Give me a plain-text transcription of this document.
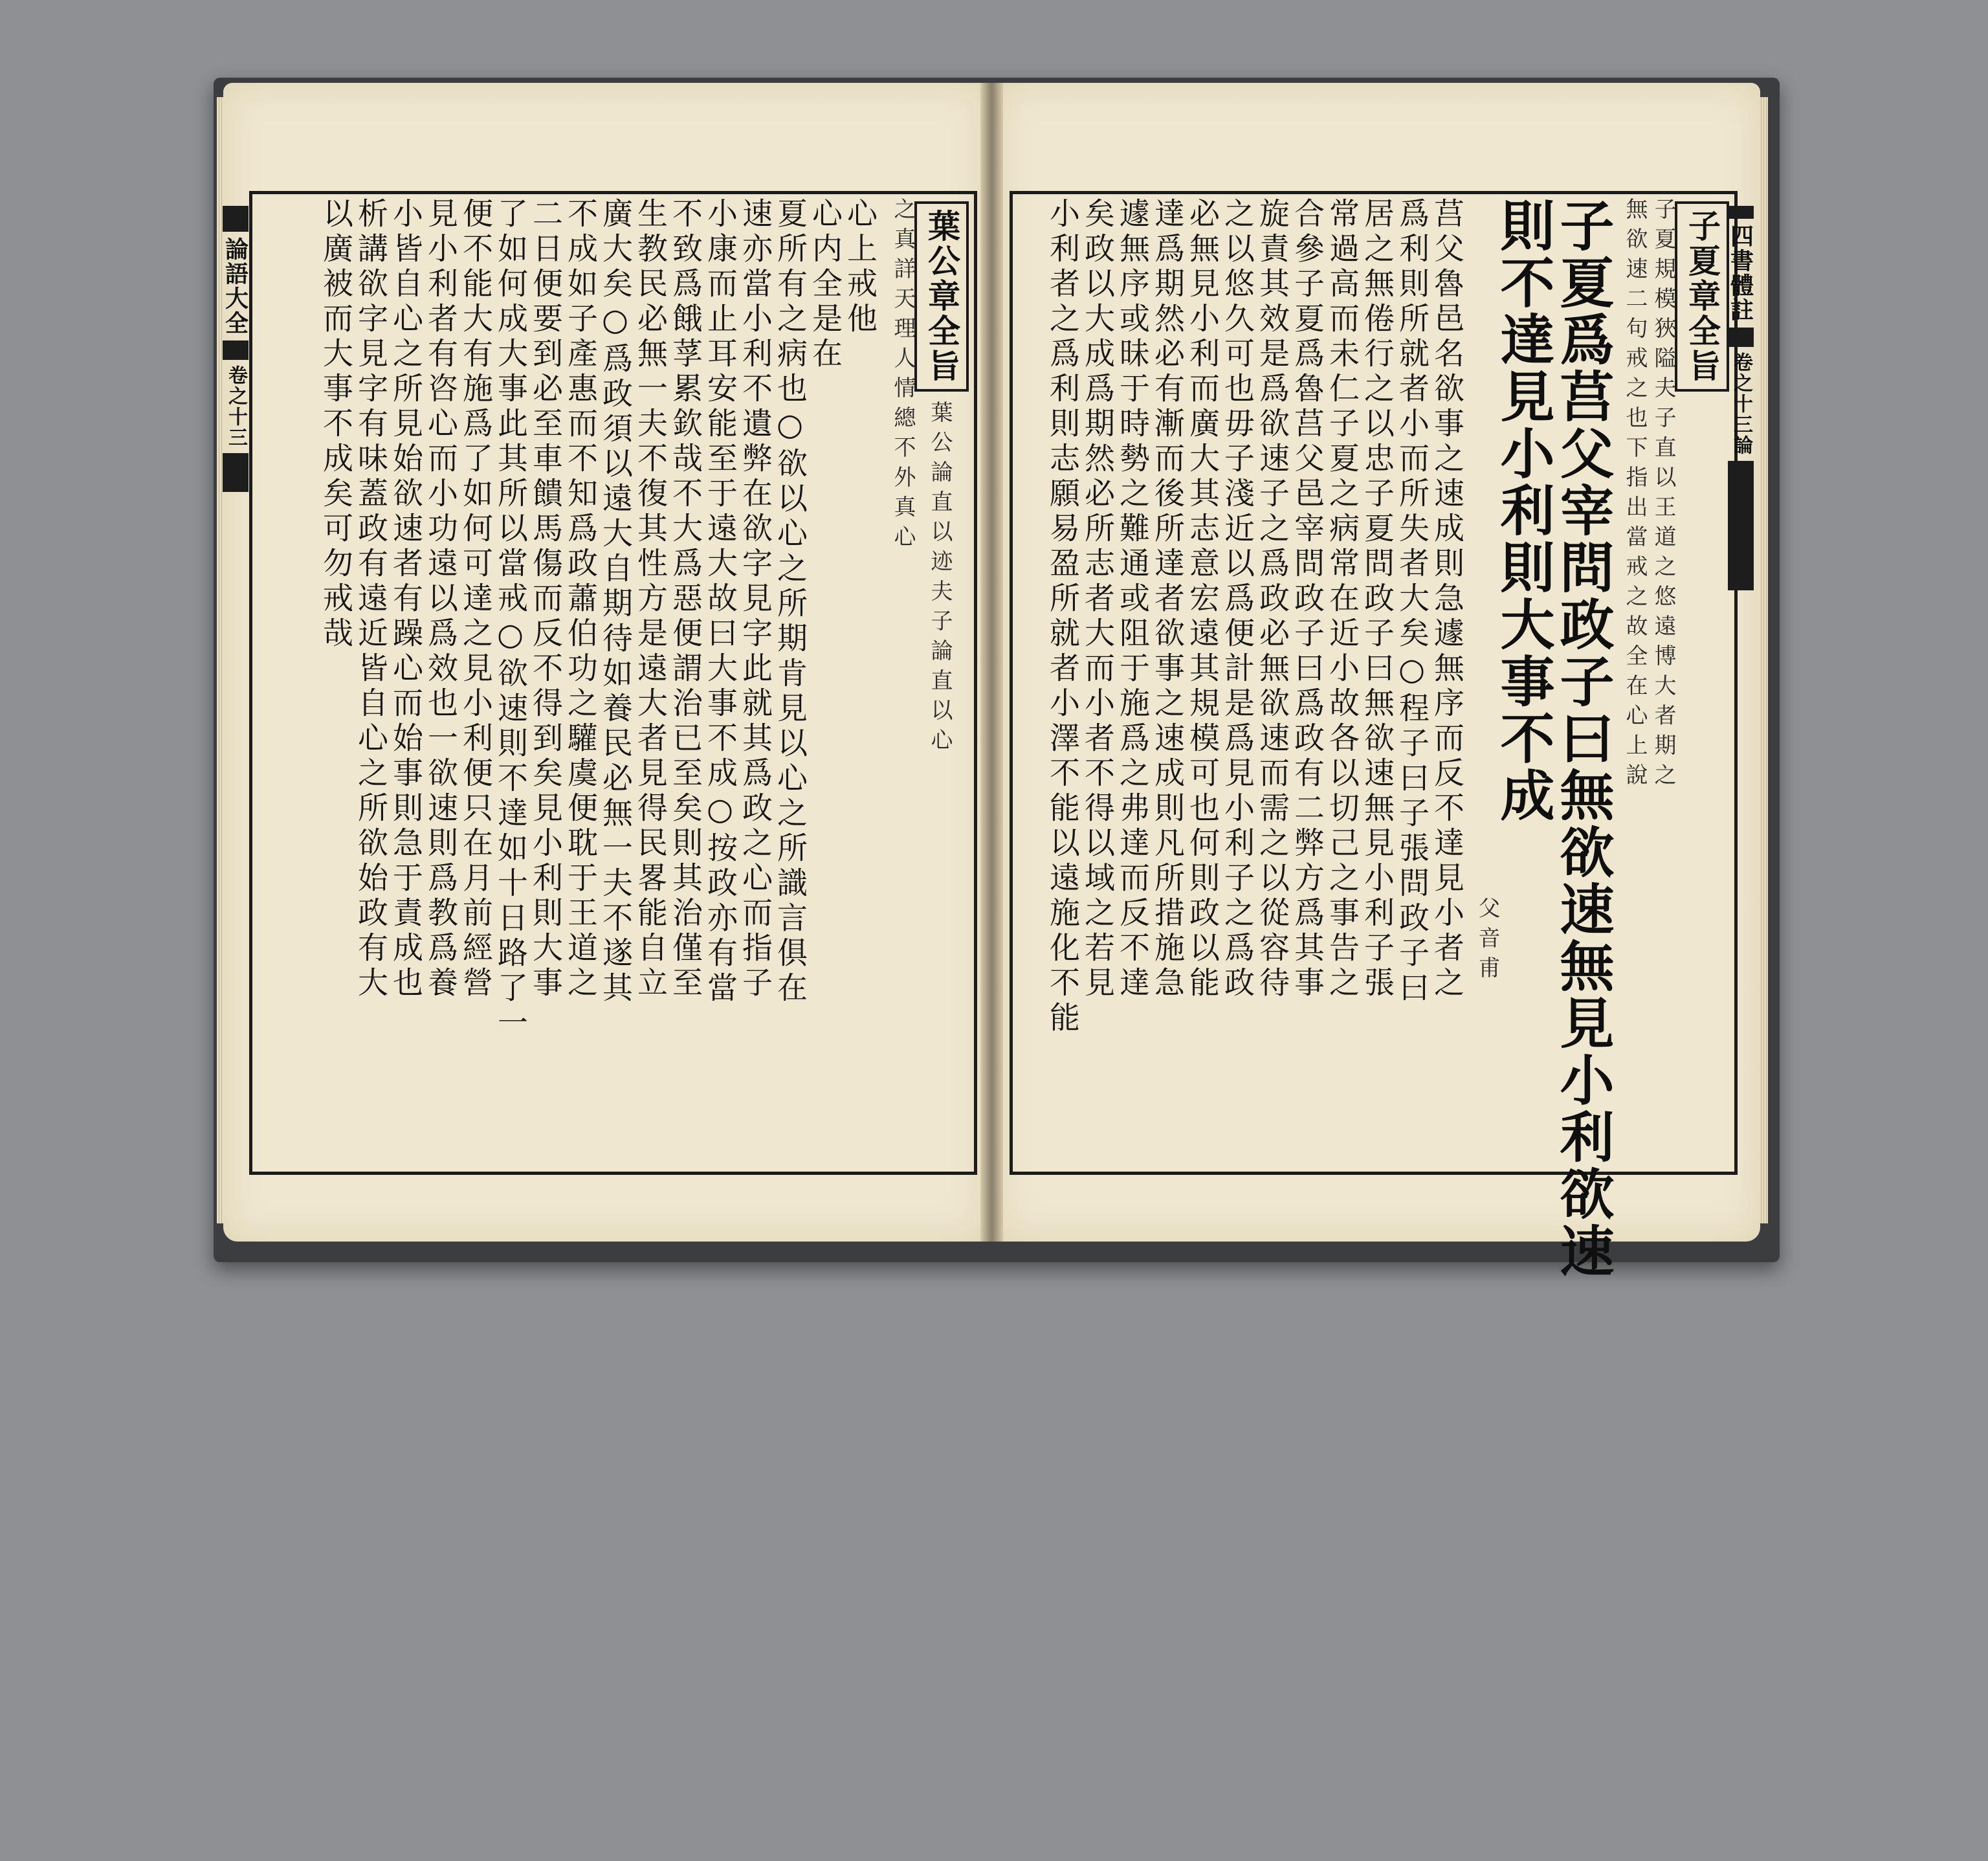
論語大全
卷之十三
葉公章全旨
葉公論直以迹夫子論直以心
之真詳天理人情總不外真心
心上戒他
心内全是在
夏所有之病也○欲以心之所期肯見以心之所識言俱在
速亦當小利不遺弊在欲字見字此就其爲政之心而指子
小康而止耳安能至于遠大故曰大事不成○按政亦有當
不致爲餓莩累欽哉不大爲惡便謂治已至矣則其治僅至
生教民必無一夫不復其性方是遠大者見得民畧能自立
廣大矣○爲政須以遠大自期待如養民必無一夫不遂其
不成如子產惠而不知爲政蕭伯功之驩虞便耽于王道之
二日便要到必至車饋馬傷而反不得到矣見小利則大事
了如何成大事此其所以當戒○欲速則不達如十日路了一
便不能大有施爲了如何可達之見小利便只在月前經營
見小利者有咨心而小功遠以爲效也一欲速則爲教爲養
小皆自心之所見始欲速者有躁心而始事則急于責成也
析講欲字見字有味蓋政有遠近皆自心之所欲始政有大
以廣被而大事不成矣可勿戒哉	四書體註
卷之十三論
子夏章全旨
子夏規模狹隘夫子直以王道之悠遠博大者期之
無欲速二句戒之也下指出當戒之故全在心上說
子夏爲莒父宰問政子曰無欲速無見小利欲速
則不達見小利則大事不成
父音甫
莒父魯邑名欲事之速成則急遽無序而反不達見小者之
爲利則所就者小而所失者大矣○程子曰子張問政子曰
居之無倦行之以忠子夏問政子曰無欲速無見小利子張
常過高而未仁子夏之病常在近小故各以切己之事告之
合參子夏爲魯莒父邑宰問政子曰爲政有二弊方爲其事
旋責其效是爲欲速子之爲政必無欲速而需之以從容待
之以悠久可也毋子淺近以爲便計是爲見小利子之爲政
必無見小利而廣大其志意宏遠其規模可也何則政以能
達爲期然必有漸而後所達者欲事之速成則凡所措施急
遽無序或昧于時勢之難通或阻于施爲之弗達而反不達
矣政以大成爲期然必所志者大而小者不得以域之若見
小利者之爲利則志願易盈所就者小澤不能以遠施化不能
